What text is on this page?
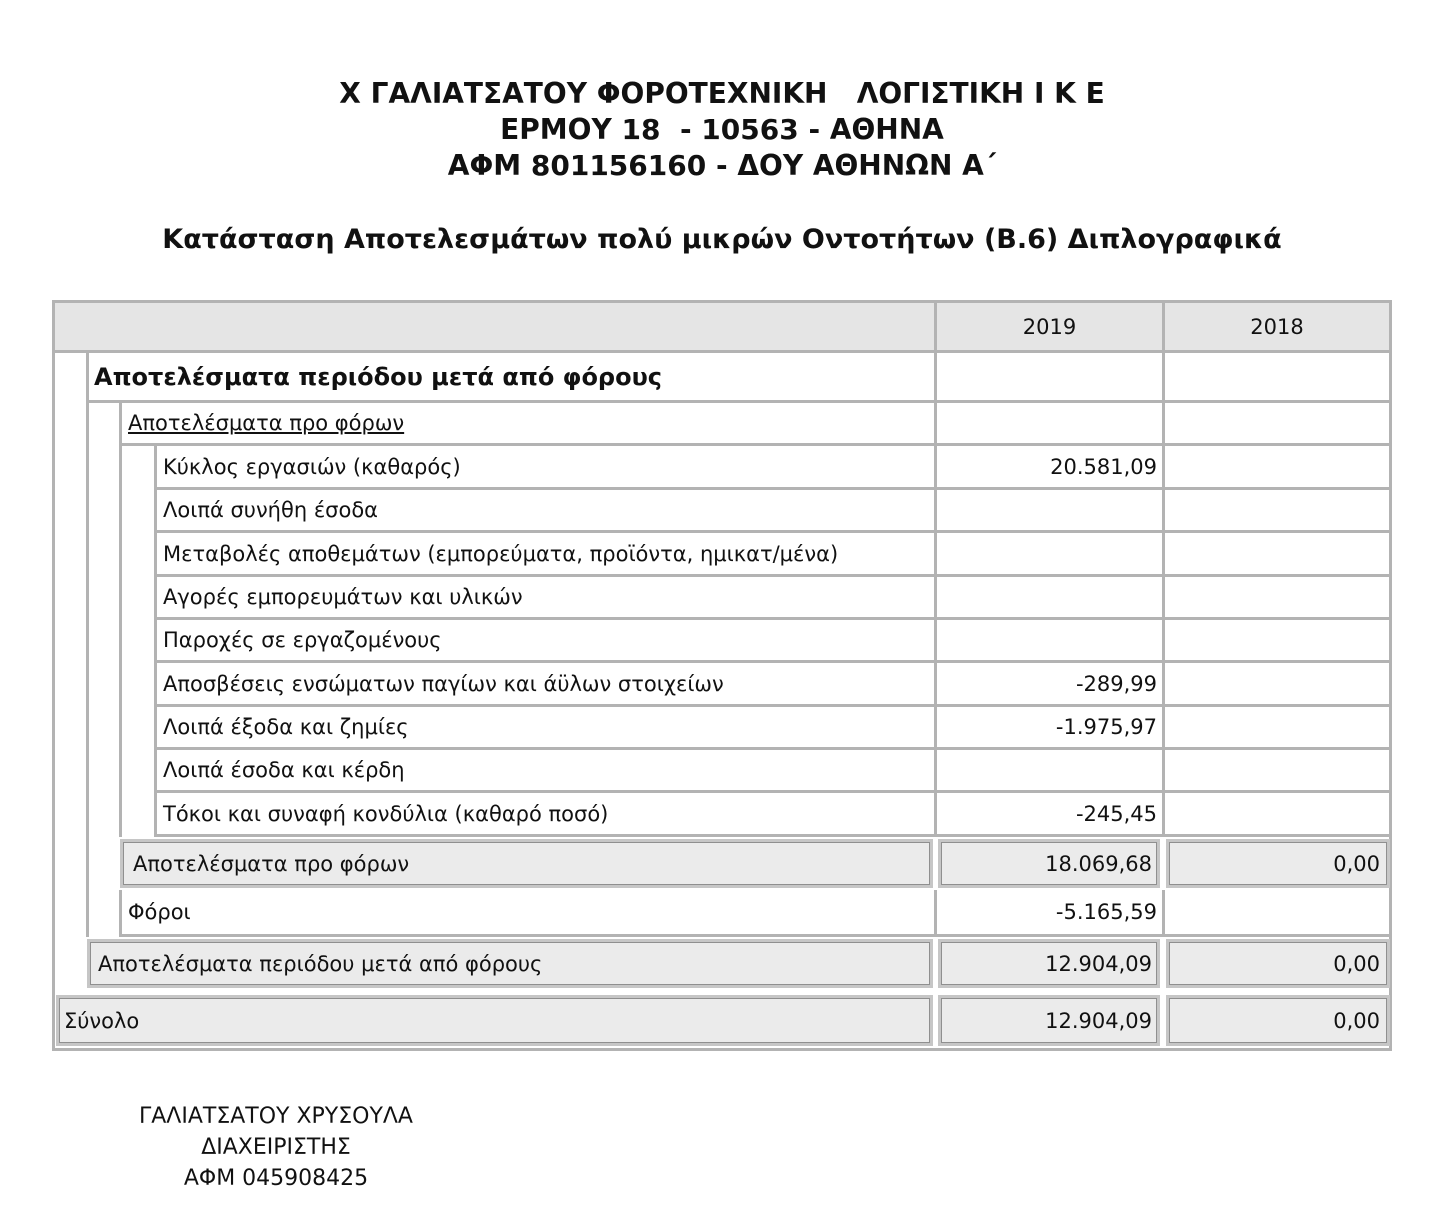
Χ ΓΑΛΙΑΤΣΑΤΟΥ ΦΟΡΟΤΕΧΝΙΚΗ   ΛΟΓΙΣΤΙΚΗ Ι Κ Ε
ΕΡΜΟΥ 18  - 10563 - ΑΘΗΝΑ
ΑΦΜ 801156160 - ΔΟΥ ΑΘΗΝΩΝ Α΄
Κατάσταση Αποτελεσμάτων πολύ μικρών Οντοτήτων (Β.6) Διπλογραφικά
2019	2018
Αποτελέσματα περιόδου μετά από φόρους
Αποτελέσματα προ φόρων
Κύκλος εργασιών (καθαρός)	20.581,09
Λοιπά συνήθη έσοδα
Μεταβολές αποθεμάτων (εμπορεύματα, προϊόντα, ημικατ/μένα)
Αγορές εμπορευμάτων και υλικών
Παροχές σε εργαζομένους
Αποσβέσεις ενσώματων παγίων και άϋλων στοιχείων	-289,99
Λοιπά έξοδα και ζημίες	-1.975,97
Λοιπά έσοδα και κέρδη
Τόκοι και συναφή κονδύλια (καθαρό ποσό)	-245,45
Αποτελέσματα προ φόρων	18.069,68	0,00
Φόροι	-5.165,59
Αποτελέσματα περιόδου μετά από φόρους	12.904,09	0,00
Σύνολο	12.904,09	0,00
ΓΑΛΙΑΤΣΑΤΟΥ ΧΡΥΣΟΥΛΑ
ΔΙΑΧΕΙΡΙΣΤΗΣ
ΑΦΜ 045908425
